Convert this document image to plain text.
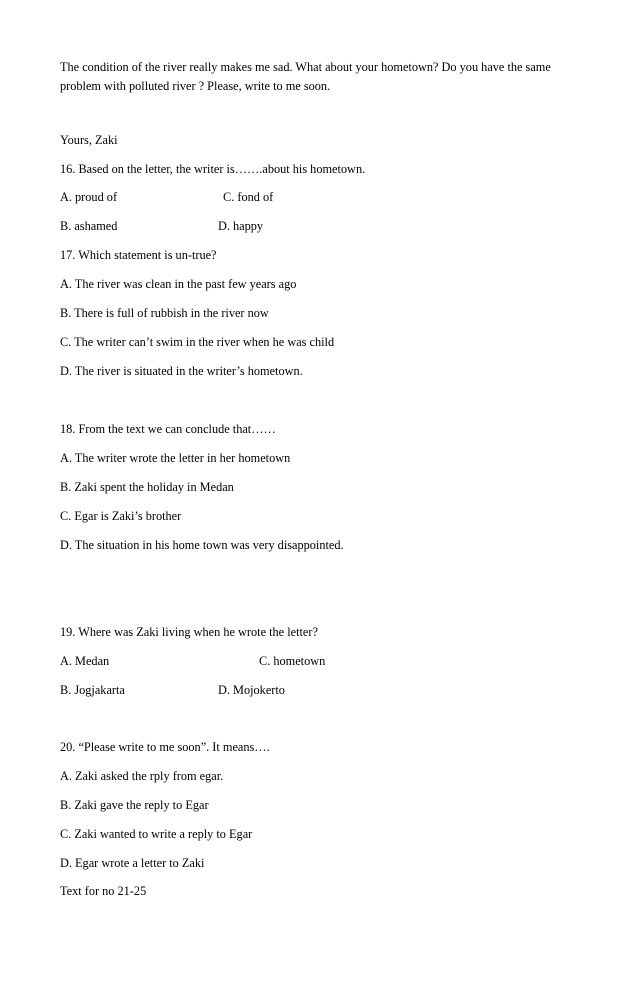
The condition of the river really makes me sad. What about your hometown? Do you have the same
problem with polluted river ? Please, write to me soon.
Yours, Zaki
16. Based on the letter, the writer is…….about his hometown.
A. proud of	C. fond of
B. ashamed	D. happy
17. Which statement is un-true?
A. The river was clean in the past few years ago
B. There is full of rubbish in the river now
C. The writer can’t swim in the river when he was child
D. The river is situated in the writer’s hometown.
18. From the text we can conclude that……
A. The writer wrote the letter in her hometown
B. Zaki spent the holiday in Medan
C. Egar is Zaki’s brother
D. The situation in his home town was very disappointed.
19. Where was Zaki living when he wrote the letter?
A. Medan	C. hometown
B. Jogjakarta	D. Mojokerto
20. “Please write to me soon”. It means….
A. Zaki asked the rply from egar.
B. Zaki gave the reply to Egar
C. Zaki wanted to write a reply to Egar
D. Egar wrote a letter to Zaki
Text for no 21-25
